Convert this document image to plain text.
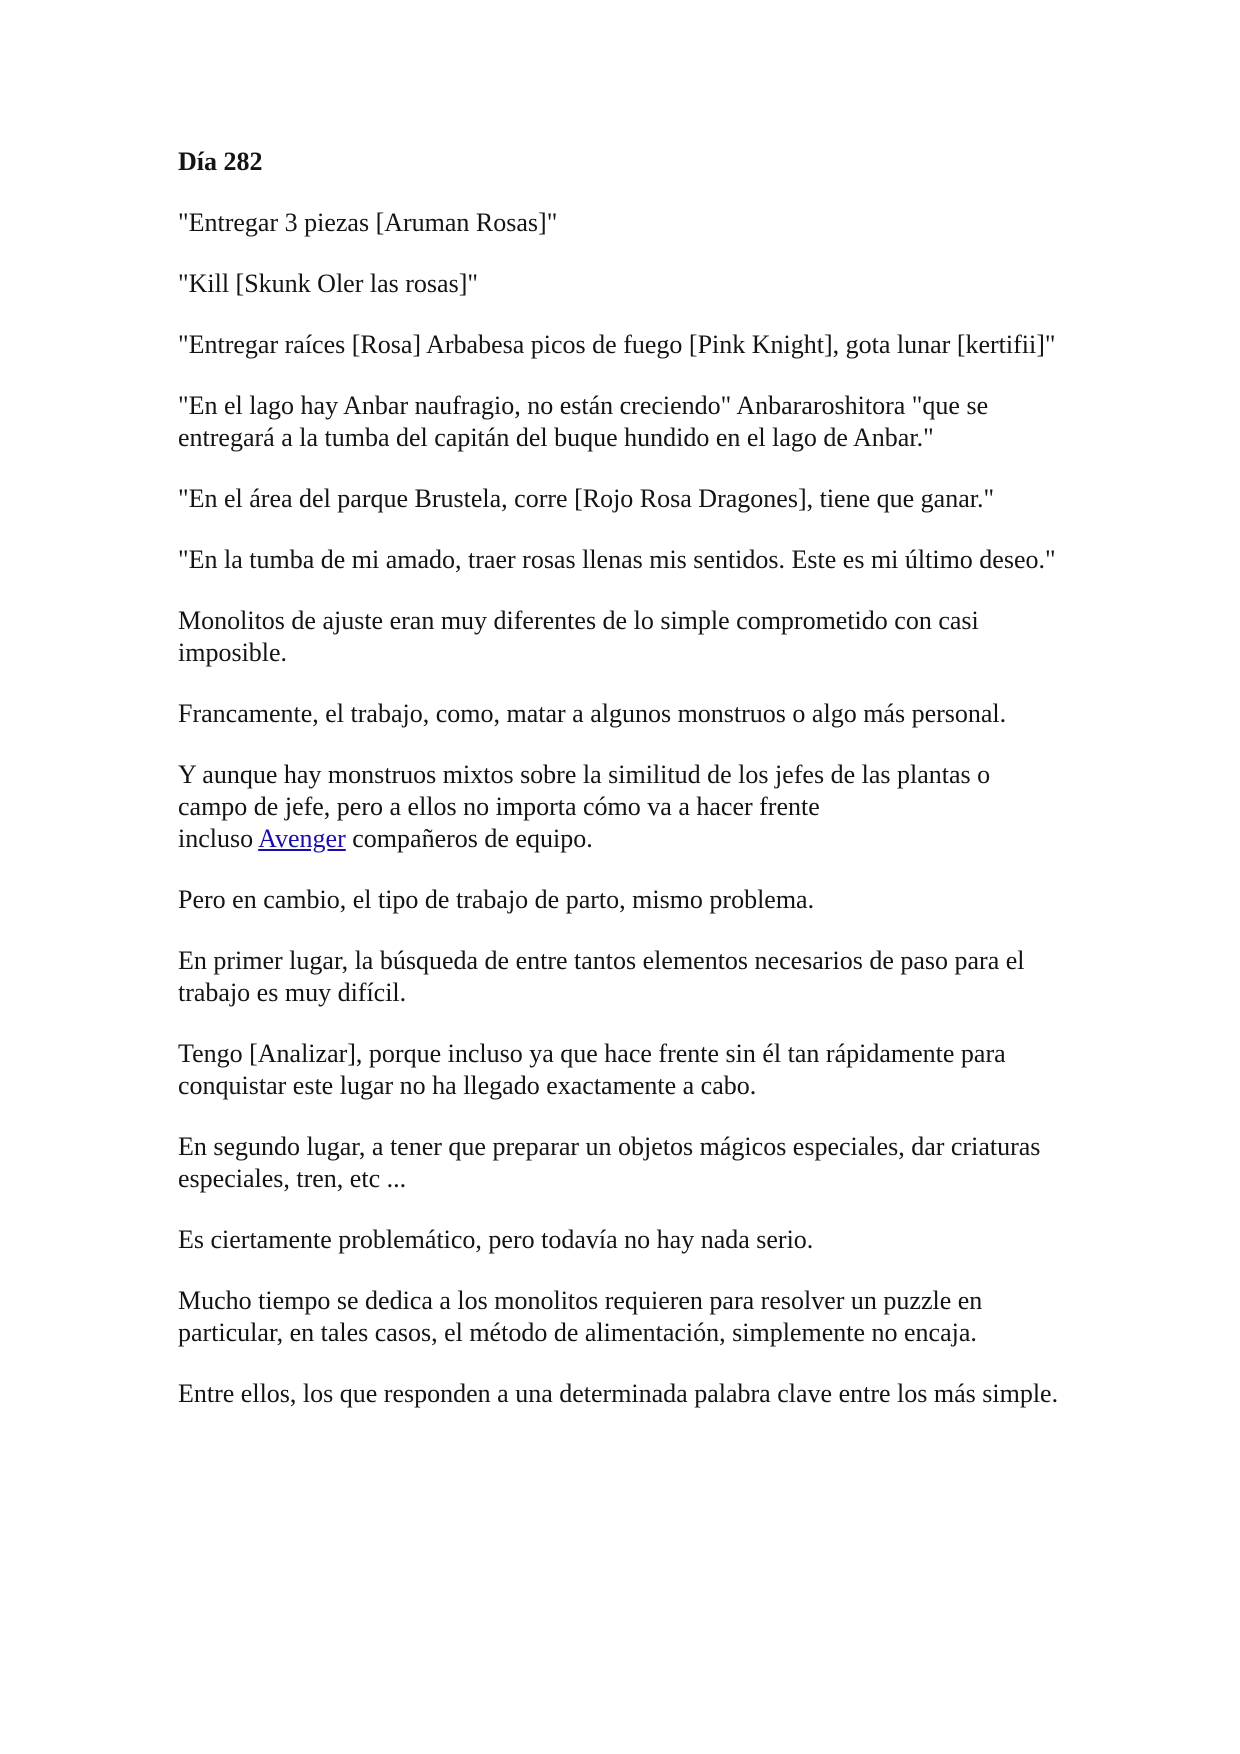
Día 282

"Entregar 3 piezas [Aruman Rosas]"

"Kill [Skunk Oler las rosas]"

"Entregar raíces [Rosa] Arbabesa picos de fuego [Pink Knight], gota lunar [kertifii]"

"En el lago hay Anbar naufragio, no están creciendo" Anbararoshitora "que se entregará a la tumba del capitán del buque hundido en el lago de Anbar."

"En el área del parque Brustela, corre [Rojo Rosa Dragones], tiene que ganar."

"En la tumba de mi amado, traer rosas llenas mis sentidos. Este es mi último deseo."

Monolitos de ajuste eran muy diferentes de lo simple comprometido con casi imposible.

Francamente, el trabajo, como, matar a algunos monstruos o algo más personal.

Y aunque hay monstruos mixtos sobre la similitud de los jefes de las plantas o
campo de jefe, pero a ellos no importa cómo va a hacer frente
incluso Avenger compañeros de equipo.

Pero en cambio, el tipo de trabajo de parto, mismo problema.

En primer lugar, la búsqueda de entre tantos elementos necesarios de paso para el trabajo es muy difícil.

Tengo [Analizar], porque incluso ya que hace frente sin él tan rápidamente para conquistar este lugar no ha llegado exactamente a cabo.

En segundo lugar, a tener que preparar un objetos mágicos especiales, dar criaturas especiales, tren, etc ...

Es ciertamente problemático, pero todavía no hay nada serio.

Mucho tiempo se dedica a los monolitos requieren para resolver un puzzle en particular, en tales casos, el método de alimentación, simplemente no encaja.

Entre ellos, los que responden a una determinada palabra clave entre los más simple.
